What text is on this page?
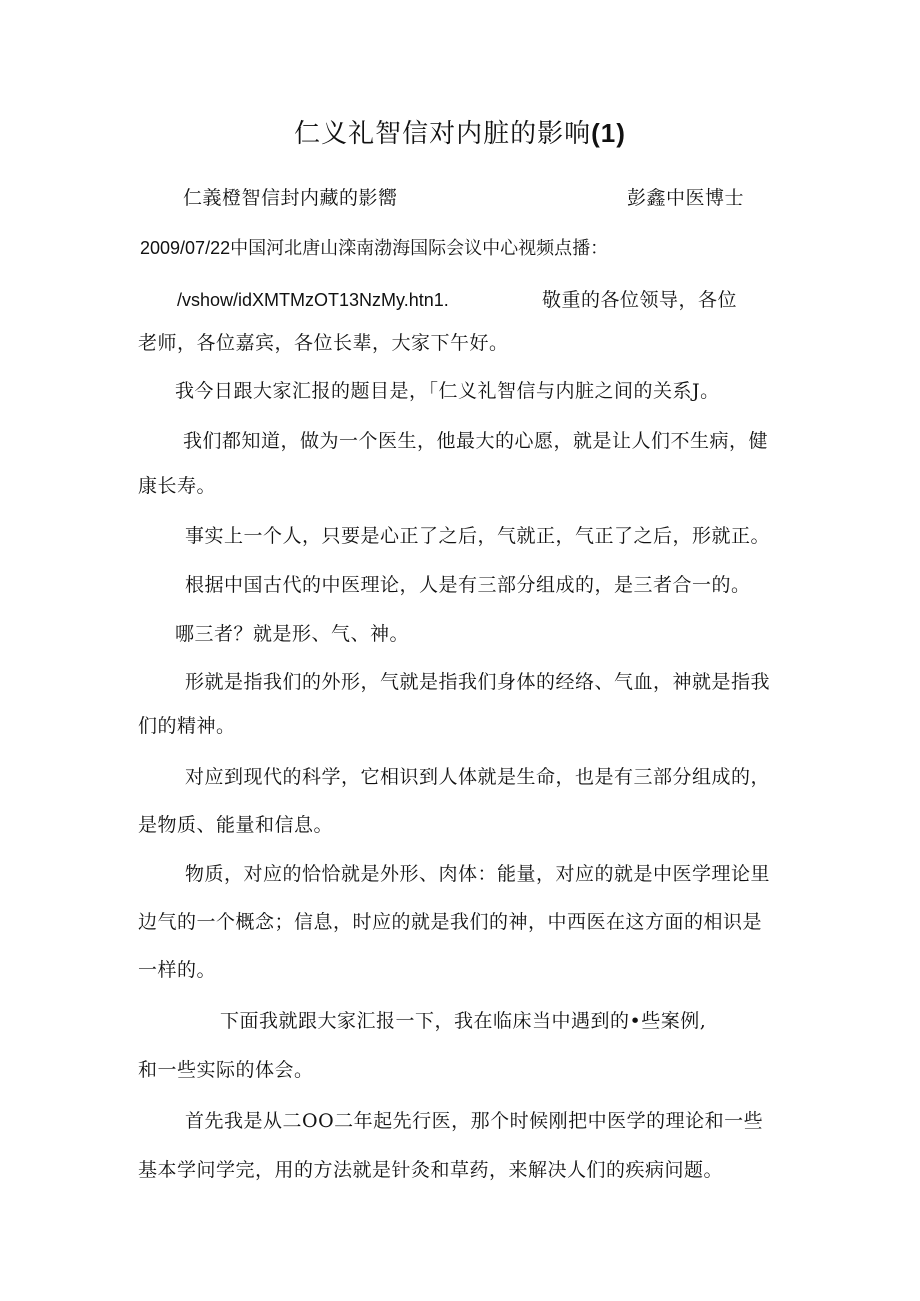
仁义礼智信对内脏的影响(1)
仁義橙智信封内藏的影嚮	彭鑫中医博士
2009/07/22中国河北唐山滦南渤海国际会议中心视频点播：
/vshow/idXMTMzOT13NzMy.htn1.	敬重的各位领导，各位
老师，各位嘉宾，各位长辈，大家下午好。
我今日跟大家汇报的题目是，「仁义礼智信与内脏之间的关系J。
我们都知道，做为一个医生，他最大的心愿，就是让人们不生病，健
康长寿。
事实上一个人，只要是心正了之后，气就正，气正了之后，形就正。
根据中国古代的中医理论，人是有三部分组成的，是三者合一的。
哪三者？就是形、气、神。
形就是指我们的外形，气就是指我们身体的经络、气血，神就是指我
们的精神。
对应到现代的科学，它相识到人体就是生命，也是有三部分组成的，
是物质、能量和信息。
物质，对应的恰恰就是外形、肉体：能量，对应的就是中医学理论里
边气的一个概念；信息，时应的就是我们的神，中西医在这方面的相识是
一样的。
下面我就跟大家汇报一下，我在临床当中遇到的•些案例,
和一些实际的体会。
首先我是从二OO二年起先行医，那个时候刚把中医学的理论和一些
基本学问学完，用的方法就是针灸和草药，来解决人们的疾病问题。
